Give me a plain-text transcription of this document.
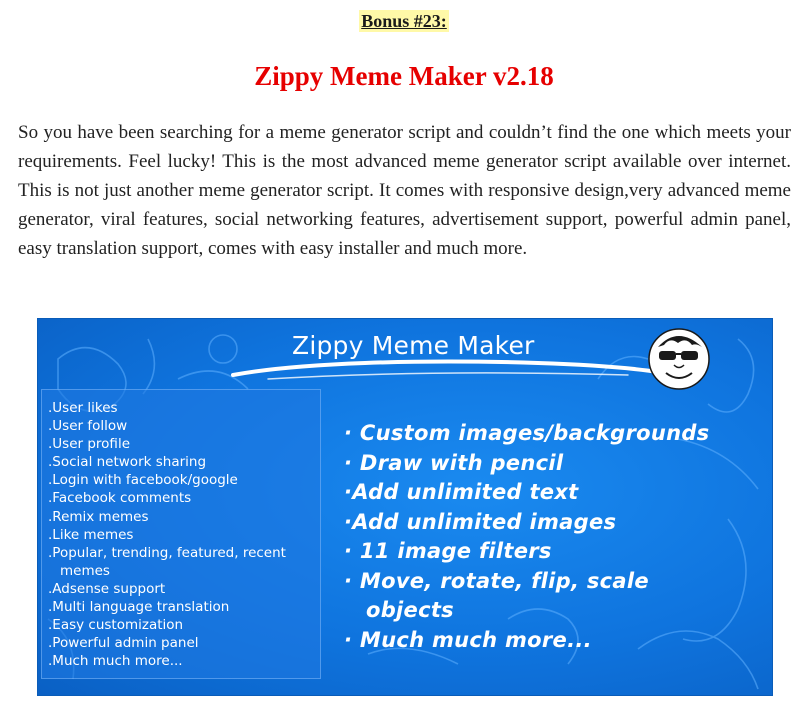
Bonus #23:
Zippy Meme Maker v2.18

So you have been searching for a meme generator script and couldn’t find the one which meets your requirements. Feel lucky! This is the most advanced meme generator script available over internet. This is not just another meme generator script. It comes with responsive design,very advanced meme generator, viral features, social networking features, advertisement support, powerful admin panel, easy translation support, comes with easy installer and much more.

Zippy Meme Maker
.User likes
.User follow
.User profile
.Social network sharing
.Login with facebook/google
.Facebook comments
.Remix memes
.Like memes
.Popular, trending, featured, recent
memes
.Adsense support
.Multi language translation
.Easy customization
.Powerful admin panel
.Much much more...
· Custom images/backgrounds
· Draw with pencil
·Add unlimited text
·Add unlimited images
· 11 image filters
· Move, rotate, flip, scale
objects
· Much much more...
